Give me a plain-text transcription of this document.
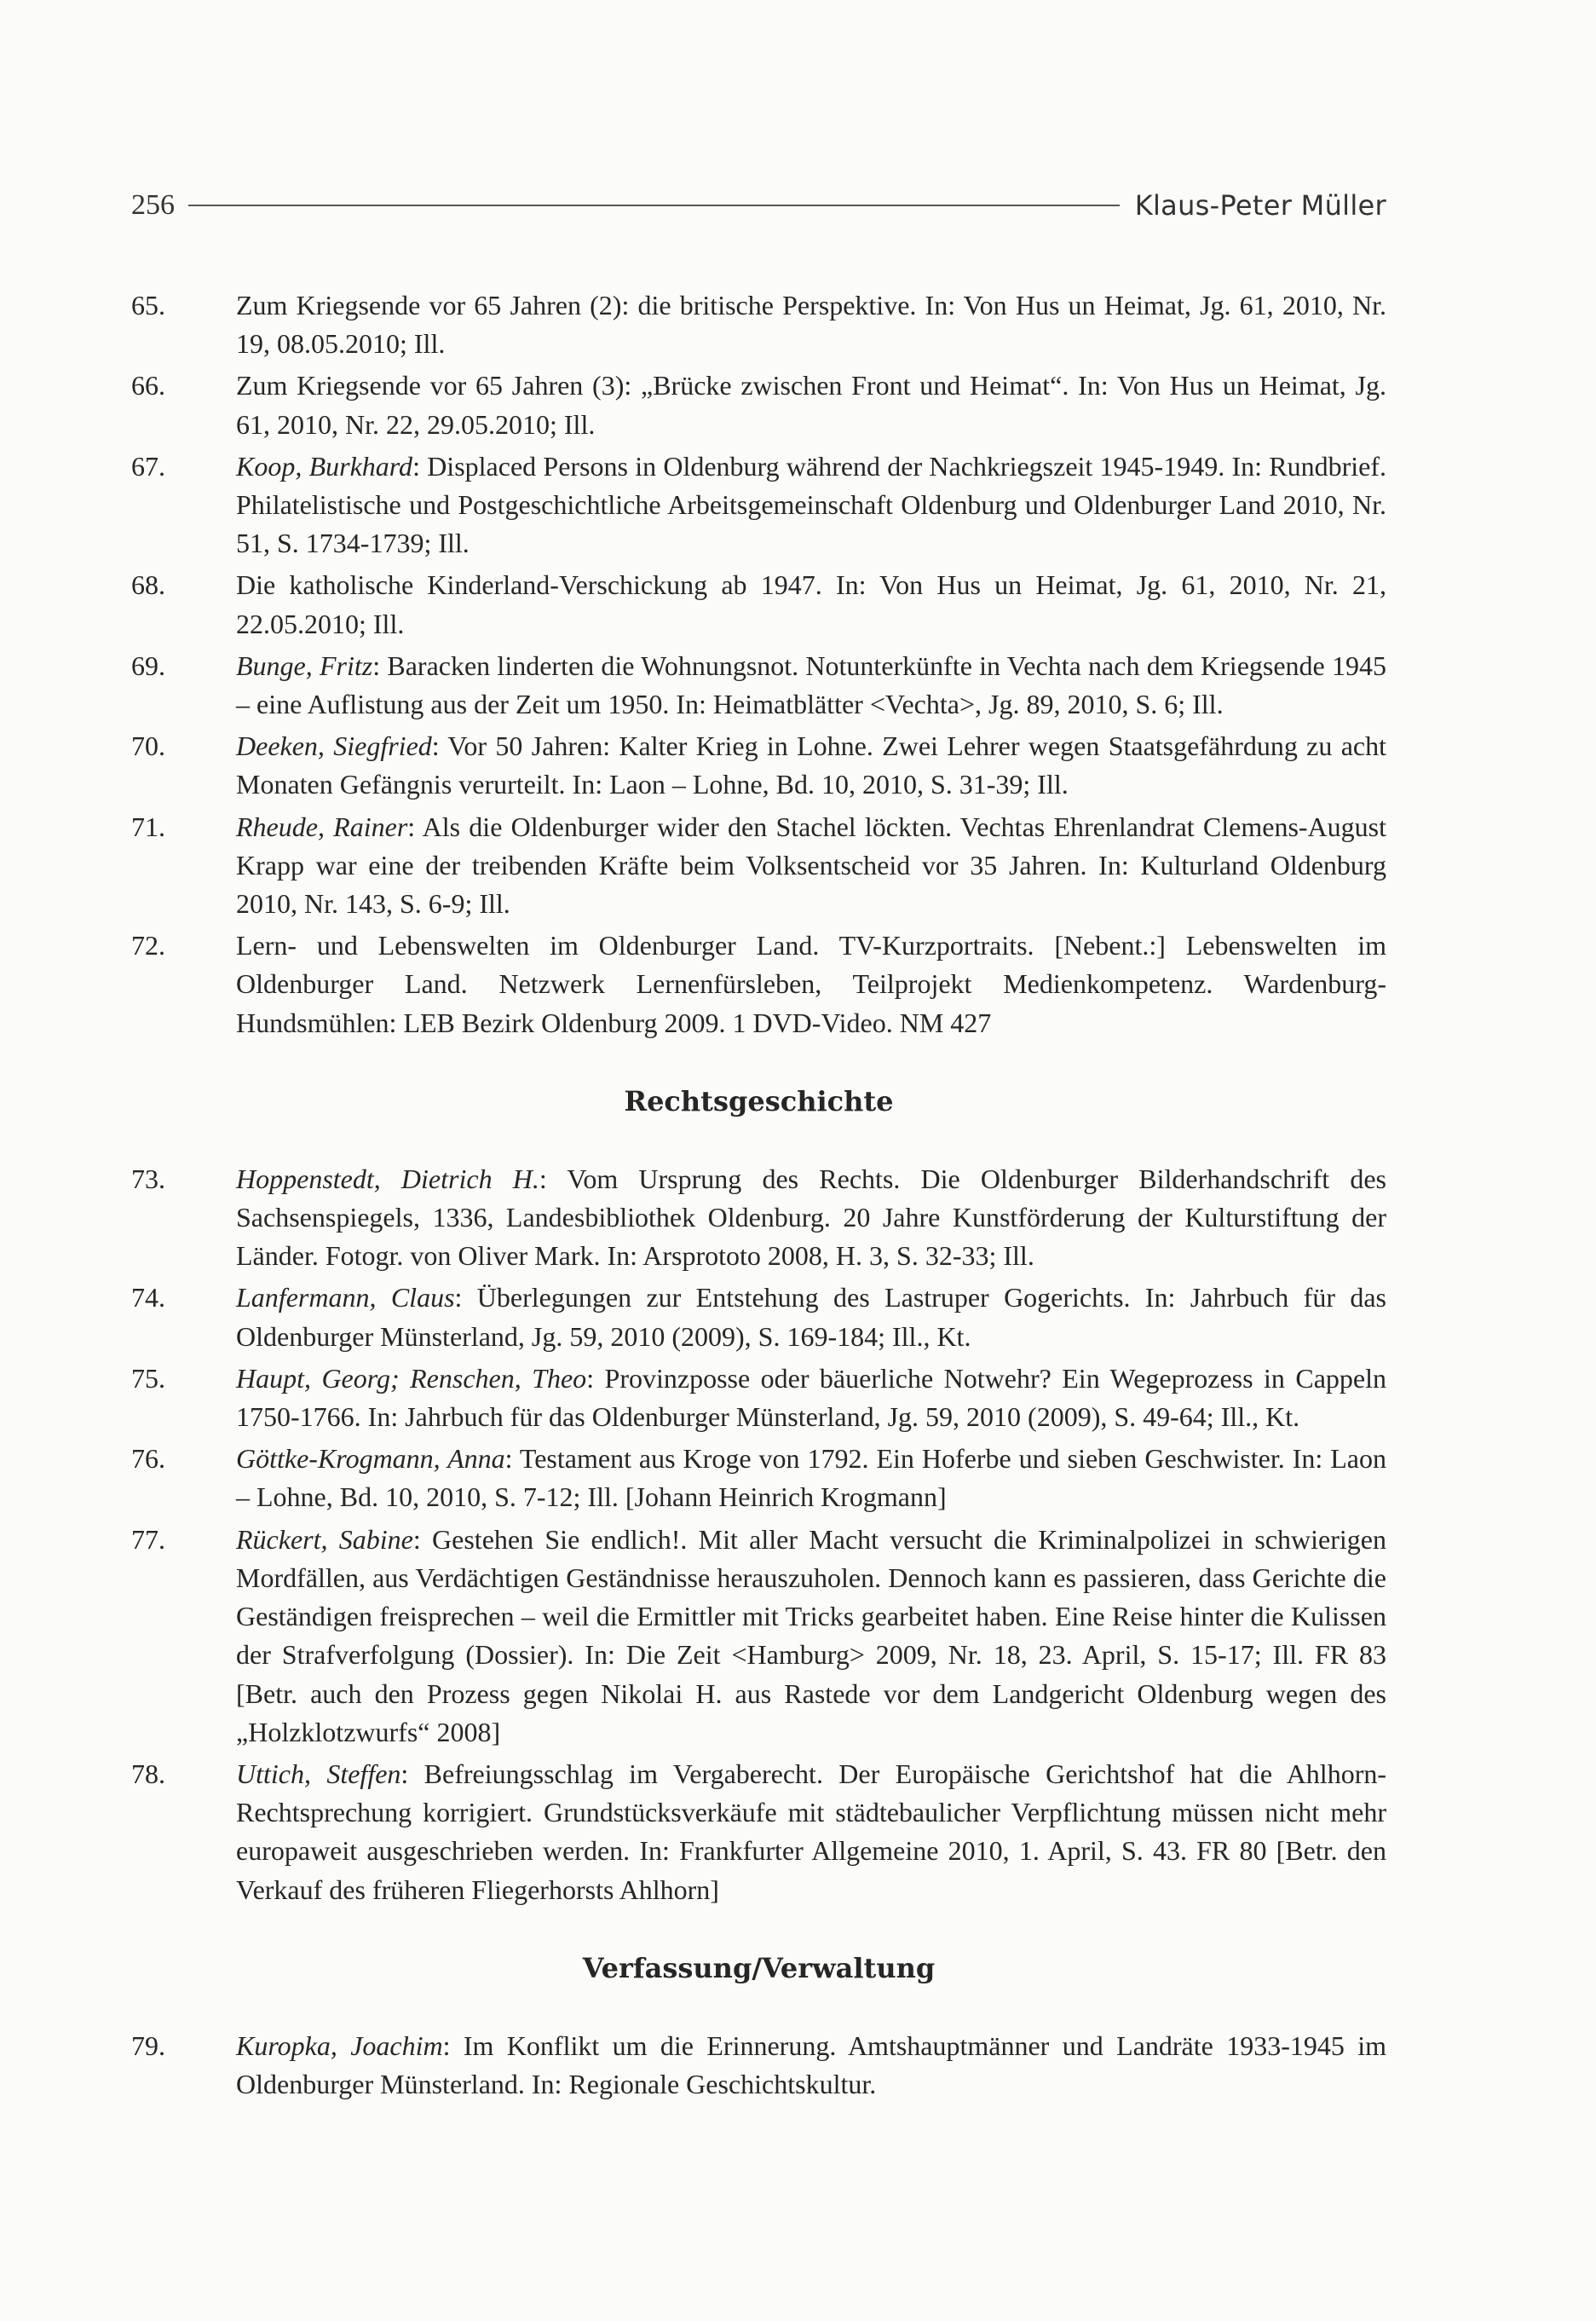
256	Klaus-Peter Müller
65.	Zum Kriegsende vor 65 Jahren (2): die britische Perspektive. In: Von Hus un Heimat, Jg. 61, 2010, Nr. 19, 08.05.2010; Ill.
66.	Zum Kriegsende vor 65 Jahren (3): „Brücke zwischen Front und Heimat“. In: Von Hus un Heimat, Jg. 61, 2010, Nr. 22, 29.05.2010; Ill.
67.	Koop, Burkhard: Displaced Persons in Oldenburg während der Nachkriegszeit 1945-1949. In: Rundbrief. Philatelistische und Postgeschichtliche Arbeitsgemeinschaft Oldenburg und Oldenburger Land 2010, Nr. 51, S. 1734-1739; Ill.
68.	Die katholische Kinderland-Verschickung ab 1947. In: Von Hus un Heimat, Jg. 61, 2010, Nr. 21, 22.05.2010; Ill.
69.	Bunge, Fritz: Baracken linderten die Wohnungsnot. Notunterkünfte in Vechta nach dem Kriegsende 1945 – eine Auflistung aus der Zeit um 1950. In: Heimatblätter <Vechta>, Jg. 89, 2010, S. 6; Ill.
70.	Deeken, Siegfried: Vor 50 Jahren: Kalter Krieg in Lohne. Zwei Lehrer wegen Staatsgefährdung zu acht Monaten Gefängnis verurteilt. In: Laon – Lohne, Bd. 10, 2010, S. 31-39; Ill.
71.	Rheude, Rainer: Als die Oldenburger wider den Stachel löckten. Vechtas Ehrenlandrat Clemens-August Krapp war eine der treibenden Kräfte beim Volksentscheid vor 35 Jahren. In: Kulturland Oldenburg 2010, Nr. 143, S. 6-9; Ill.
72.	Lern- und Lebenswelten im Oldenburger Land. TV-Kurzportraits. [Nebent.:] Lebenswelten im Oldenburger Land. Netzwerk Lernenfürsleben, Teilprojekt Medienkompetenz. Wardenburg-Hundsmühlen: LEB Bezirk Oldenburg 2009. 1 DVD-Video. NM 427
Rechtsgeschichte
73.	Hoppenstedt, Dietrich H.: Vom Ursprung des Rechts. Die Oldenburger Bilderhandschrift des Sachsenspiegels, 1336, Landesbibliothek Oldenburg. 20 Jahre Kunstförderung der Kulturstiftung der Länder. Fotogr. von Oliver Mark. In: Arsprototo 2008, H. 3, S. 32-33; Ill.
74.	Lanfermann, Claus: Überlegungen zur Entstehung des Lastruper Gogerichts. In: Jahrbuch für das Oldenburger Münsterland, Jg. 59, 2010 (2009), S. 169-184; Ill., Kt.
75.	Haupt, Georg; Renschen, Theo: Provinzposse oder bäuerliche Notwehr? Ein Wegeprozess in Cappeln 1750-1766. In: Jahrbuch für das Oldenburger Münsterland, Jg. 59, 2010 (2009), S. 49-64; Ill., Kt.
76.	Göttke-Krogmann, Anna: Testament aus Kroge von 1792. Ein Hoferbe und sieben Geschwister. In: Laon – Lohne, Bd. 10, 2010, S. 7-12; Ill. [Johann Heinrich Krogmann]
77.	Rückert, Sabine: Gestehen Sie endlich!. Mit aller Macht versucht die Kriminalpolizei in schwierigen Mordfällen, aus Verdächtigen Geständnisse herauszuholen. Dennoch kann es passieren, dass Gerichte die Geständigen freisprechen – weil die Ermittler mit Tricks gearbeitet haben. Eine Reise hinter die Kulissen der Strafverfolgung (Dossier). In: Die Zeit <Hamburg> 2009, Nr. 18, 23. April, S. 15-17; Ill. FR 83 [Betr. auch den Prozess gegen Nikolai H. aus Rastede vor dem Landgericht Oldenburg wegen des „Holzklotzwurfs“ 2008]
78.	Uttich, Steffen: Befreiungsschlag im Vergaberecht. Der Europäische Gerichtshof hat die Ahlhorn-Rechtsprechung korrigiert. Grundstücksverkäufe mit städtebaulicher Verpflichtung müssen nicht mehr europaweit ausgeschrieben werden. In: Frankfurter Allgemeine 2010, 1. April, S. 43. FR 80 [Betr. den Verkauf des früheren Fliegerhorsts Ahlhorn]
Verfassung/Verwaltung
79.	Kuropka, Joachim: Im Konflikt um die Erinnerung. Amtshauptmänner und Landräte 1933-1945 im Oldenburger Münsterland. In: Regionale Geschichtskultur.
